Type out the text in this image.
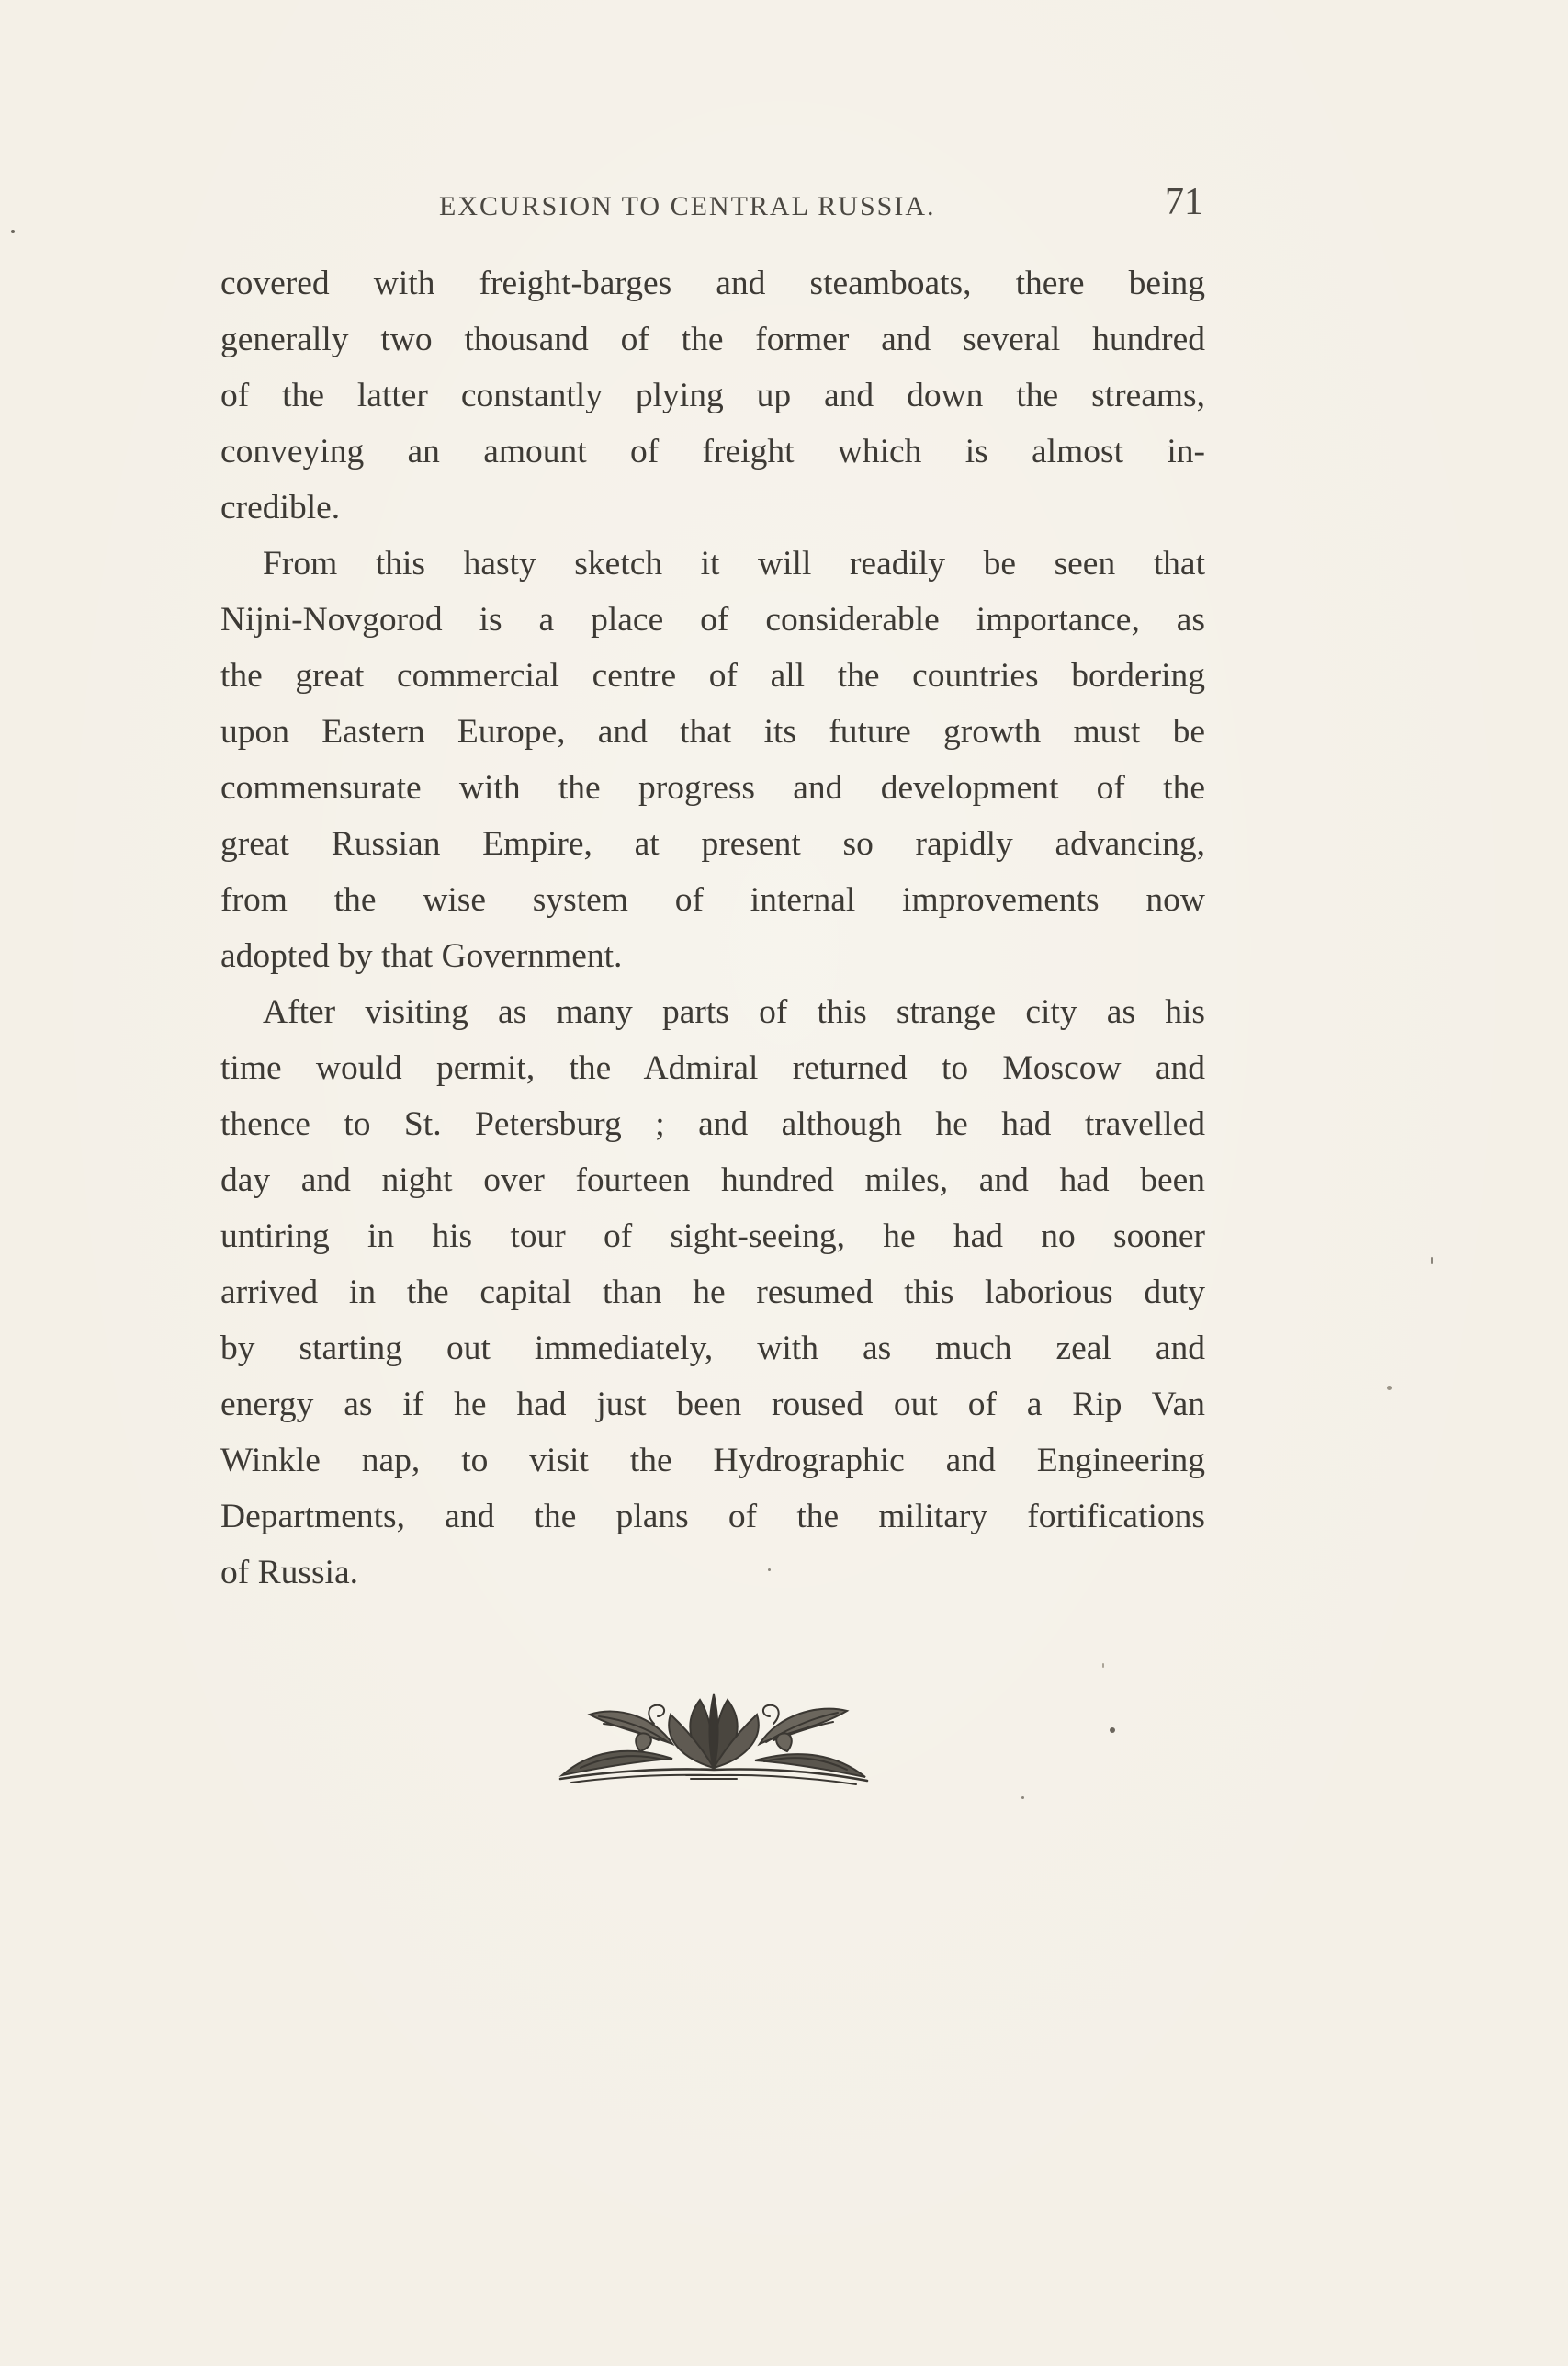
EXCURSION TO CENTRAL RUSSIA.	71
covered with freight-barges and steamboats, there being
generally two thousand of the former and several hundred
of the latter constantly plying up and down the streams,
conveying an amount of freight which is almost in-
credible.
From this hasty sketch it will readily be seen that
Nijni-Novgorod is a place of considerable importance, as
the great commercial centre of all the countries bordering
upon Eastern Europe, and that its future growth must be
commensurate with the progress and development of the
great Russian Empire, at present so rapidly advancing,
from the wise system of internal improvements now
adopted by that Government.
After visiting as many parts of this strange city as his
time would permit, the Admiral returned to Moscow and
thence to St. Petersburg ; and although he had travelled
day and night over fourteen hundred miles, and had been
untiring in his tour of sight-seeing, he had no sooner
arrived in the capital than he resumed this laborious duty
by starting out immediately, with as much zeal and
energy as if he had just been roused out of a Rip Van
Winkle nap, to visit the Hydrographic and Engineering
Departments, and the plans of the military fortifications
of Russia.
